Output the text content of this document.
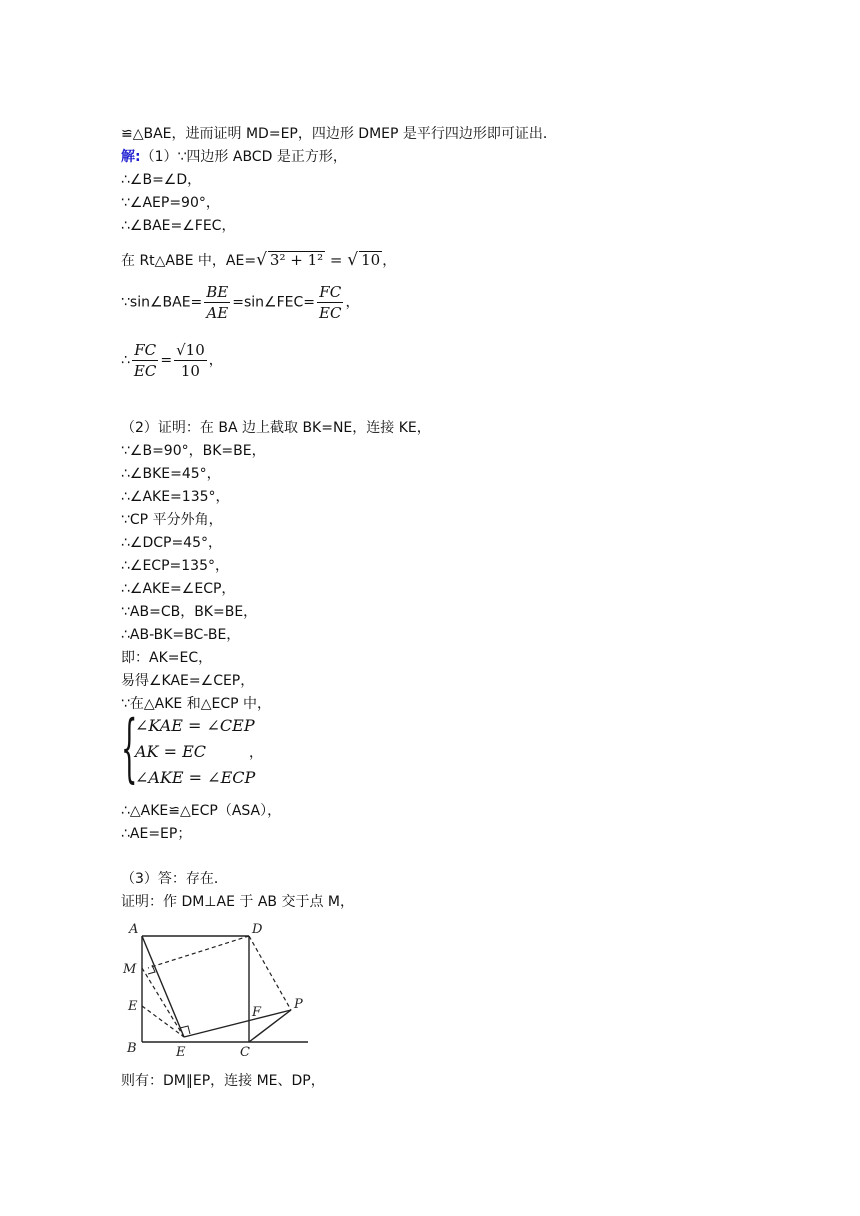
≌△BAE，进而证明 MD=EP，四边形 DMEP 是平行四边形即可证出．
解:（1）∵四边形 ABCD 是正方形，
∴∠B=∠D，
∵∠AEP=90°，
∴∠BAE=∠FEC，
在 Rt△ABE 中，AE=√ 3² + 1² = √ 10 ，
∵sin∠BAE= $\frac{BE}{AE}$ =sin∠FEC= $\frac{FC}{EC}$ ，
∴ $\frac{FC}{EC} = \frac{√10}{10}$ ，
（2）证明：在 BA 边上截取 BK=NE，连接 KE，
∵∠B=90°，BK=BE，
∴∠BKE=45°，
∴∠AKE=135°，
∵CP 平分外角，
∴∠DCP=45°，
∴∠ECP=135°，
∴∠AKE=∠ECP，
∵AB=CB，BK=BE，
∴AB-BK=BC-BE，
即：AK=EC，
易得∠KAE=∠CEP，
∵在△AKE 和△ECP 中，
{
∠KAE = ∠CEP
AK = EC
∠AKE = ∠ECP
，
∴△AKE≌△ECP（ASA），
∴AE=EP；
（3）答：存在．
证明：作 DM⊥AE 于 AB 交于点 M，
A	D
M
E
B	E	C
F
P
则有：DM∥EP，连接 ME、DP，
